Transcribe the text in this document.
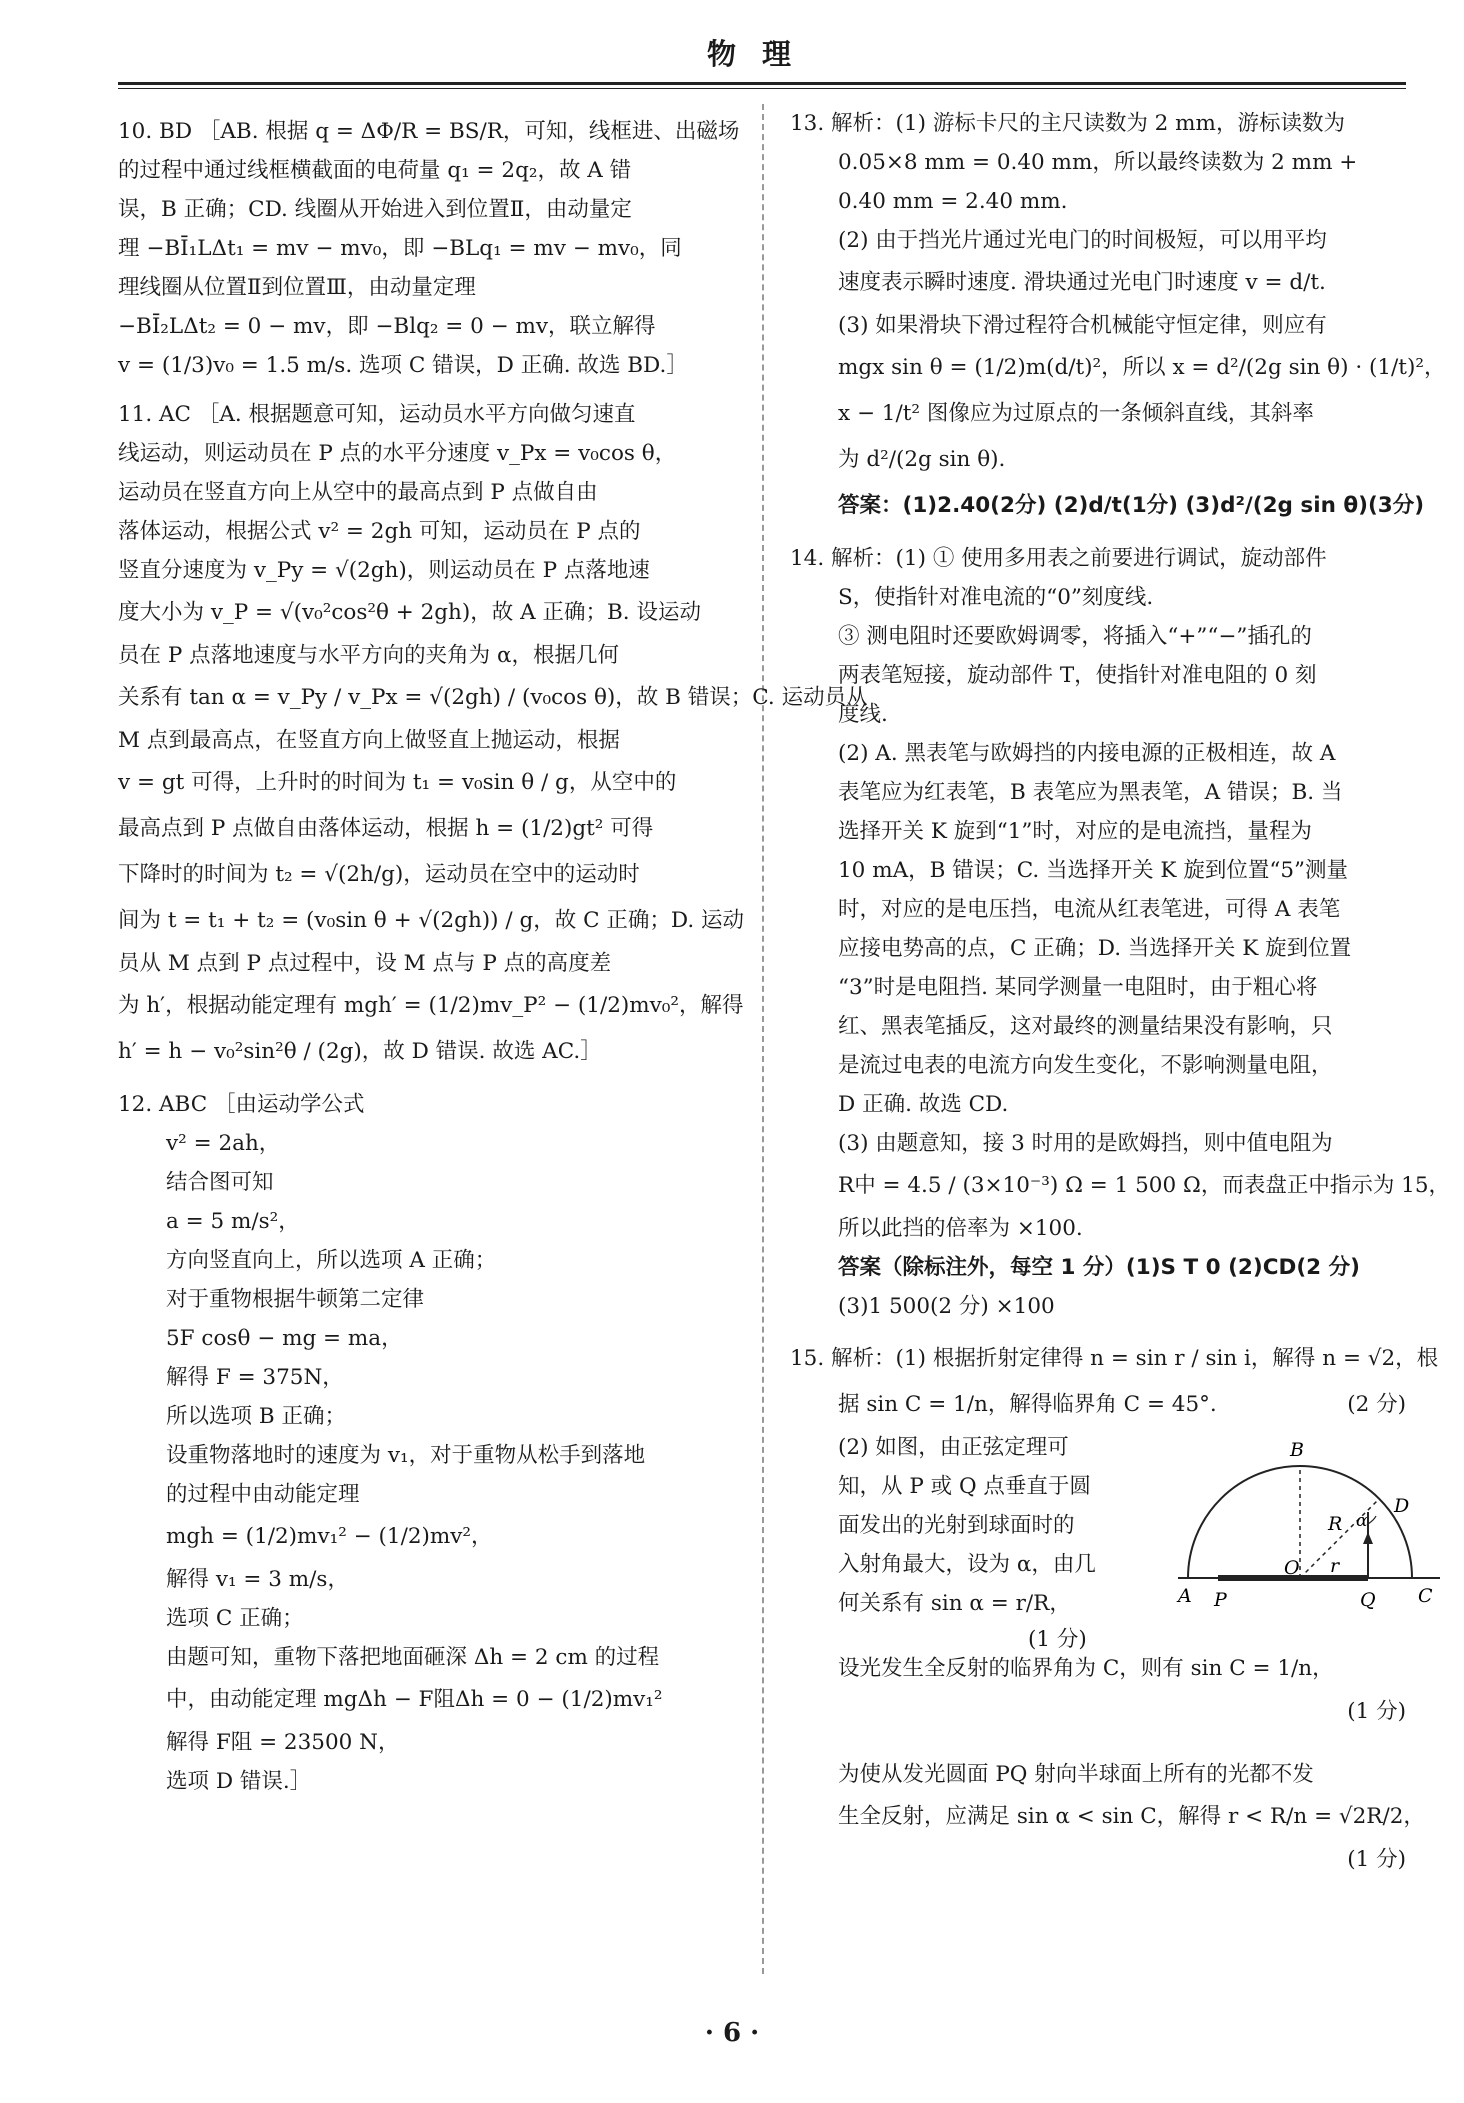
物理
10. BD ［AB. 根据 q = ΔΦ/R = BS/R，可知，线框进、出磁场
的过程中通过线框横截面的电荷量 q₁ = 2q₂，故 A 错
误，B 正确；CD. 线圈从开始进入到位置Ⅱ，由动量定
理 −BĪ₁LΔt₁ = mv − mv₀，即 −BLq₁ = mv − mv₀，同
理线圈从位置Ⅱ到位置Ⅲ，由动量定理
−BĪ₂LΔt₂ = 0 − mv，即 −Blq₂ = 0 − mv，联立解得
v = (1/3)v₀ = 1.5 m/s. 选项 C 错误，D 正确. 故选 BD.］
11. AC ［A. 根据题意可知，运动员水平方向做匀速直
线运动，则运动员在 P 点的水平分速度 v_Px = v₀cos θ，
运动员在竖直方向上从空中的最高点到 P 点做自由
落体运动，根据公式 v² = 2gh 可知，运动员在 P 点的
竖直分速度为 v_Py = √(2gh)，则运动员在 P 点落地速
度大小为 v_P = √(v₀²cos²θ + 2gh)，故 A 正确；B. 设运动
员在 P 点落地速度与水平方向的夹角为 α，根据几何
关系有 tan α = v_Py / v_Px = √(2gh) / (v₀cos θ)，故 B 错误；C. 运动员从
M 点到最高点，在竖直方向上做竖直上抛运动，根据
v = gt 可得，上升时的时间为 t₁ = v₀sin θ / g，从空中的
最高点到 P 点做自由落体运动，根据 h = (1/2)gt² 可得
下降时的时间为 t₂ = √(2h/g)，运动员在空中的运动时
间为 t = t₁ + t₂ = (v₀sin θ + √(2gh)) / g，故 C 正确；D. 运动
员从 M 点到 P 点过程中，设 M 点与 P 点的高度差
为 h′，根据动能定理有 mgh′ = (1/2)mv_P² − (1/2)mv₀²，解得
h′ = h − v₀²sin²θ / (2g)，故 D 错误. 故选 AC.］
12. ABC ［由运动学公式
v² = 2ah，
结合图可知
a = 5 m/s²，
方向竖直向上，所以选项 A 正确；
对于重物根据牛顿第二定律
5F cosθ − mg = ma，
解得 F = 375N，
所以选项 B 正确；
设重物落地时的速度为 v₁，对于重物从松手到落地
的过程中由动能定理
mgh = (1/2)mv₁² − (1/2)mv²，
解得 v₁ = 3 m/s，
选项 C 正确；
由题可知，重物下落把地面砸深 Δh = 2 cm 的过程
中，由动能定理 mgΔh − F阻Δh = 0 − (1/2)mv₁²
解得 F阻 = 23500 N，
选项 D 错误.］
13. 解析：(1) 游标卡尺的主尺读数为 2 mm，游标读数为
0.05×8 mm = 0.40 mm，所以最终读数为 2 mm +
0.40 mm = 2.40 mm.
(2) 由于挡光片通过光电门的时间极短，可以用平均
速度表示瞬时速度. 滑块通过光电门时速度 v = d/t.
(3) 如果滑块下滑过程符合机械能守恒定律，则应有
mgx sin θ = (1/2)m(d/t)²，所以 x = d²/(2g sin θ) · (1/t)²，
x − 1/t² 图像应为过原点的一条倾斜直线，其斜率
为 d²/(2g sin θ).
答案：(1)2.40(2分) (2)d/t(1分) (3)d²/(2g sin θ)(3分)
14. 解析：(1) ① 使用多用表之前要进行调试，旋动部件
S，使指针对准电流的“0”刻度线.
③ 测电阻时还要欧姆调零，将插入“+”“−”插孔的
两表笔短接，旋动部件 T，使指针对准电阻的 0 刻
度线.
(2) A. 黑表笔与欧姆挡的内接电源的正极相连，故 A
表笔应为红表笔，B 表笔应为黑表笔，A 错误；B. 当
选择开关 K 旋到“1”时，对应的是电流挡，量程为
10 mA，B 错误；C. 当选择开关 K 旋到位置“5”测量
时，对应的是电压挡，电流从红表笔进，可得 A 表笔
应接电势高的点，C 正确；D. 当选择开关 K 旋到位置
“3”时是电阻挡. 某同学测量一电阻时，由于粗心将
红、黑表笔插反，这对最终的测量结果没有影响，只
是流过电表的电流方向发生变化，不影响测量电阻，
D 正确. 故选 CD.
(3) 由题意知，接 3 时用的是欧姆挡，则中值电阻为
R中 = 4.5 / (3×10⁻³) Ω = 1 500 Ω，而表盘正中指示为 15，
所以此挡的倍率为 ×100.
答案（除标注外，每空 1 分）(1)S T 0 (2)CD(2 分)
(3)1 500(2 分) ×100
15. 解析：(1) 根据折射定律得 n = sin r / sin i，解得 n = √2，根
据 sin C = 1/n，解得临界角 C = 45°.	(2 分)
(2) 如图，由正弦定理可
知，从 P 或 Q 点垂直于圆
面发出的光射到球面时的
入射角最大，设为 α，由几
何关系有 sin α = r/R，
B
D
R α
O r
A P	Q C
(1 分)
设光发生全反射的临界角为 C，则有 sin C = 1/n，
(1 分)
为使从发光圆面 PQ 射向半球面上所有的光都不发
生全反射，应满足 sin α < sin C，解得 r < R/n = √2R/2，
(1 分)
· 6 ·
